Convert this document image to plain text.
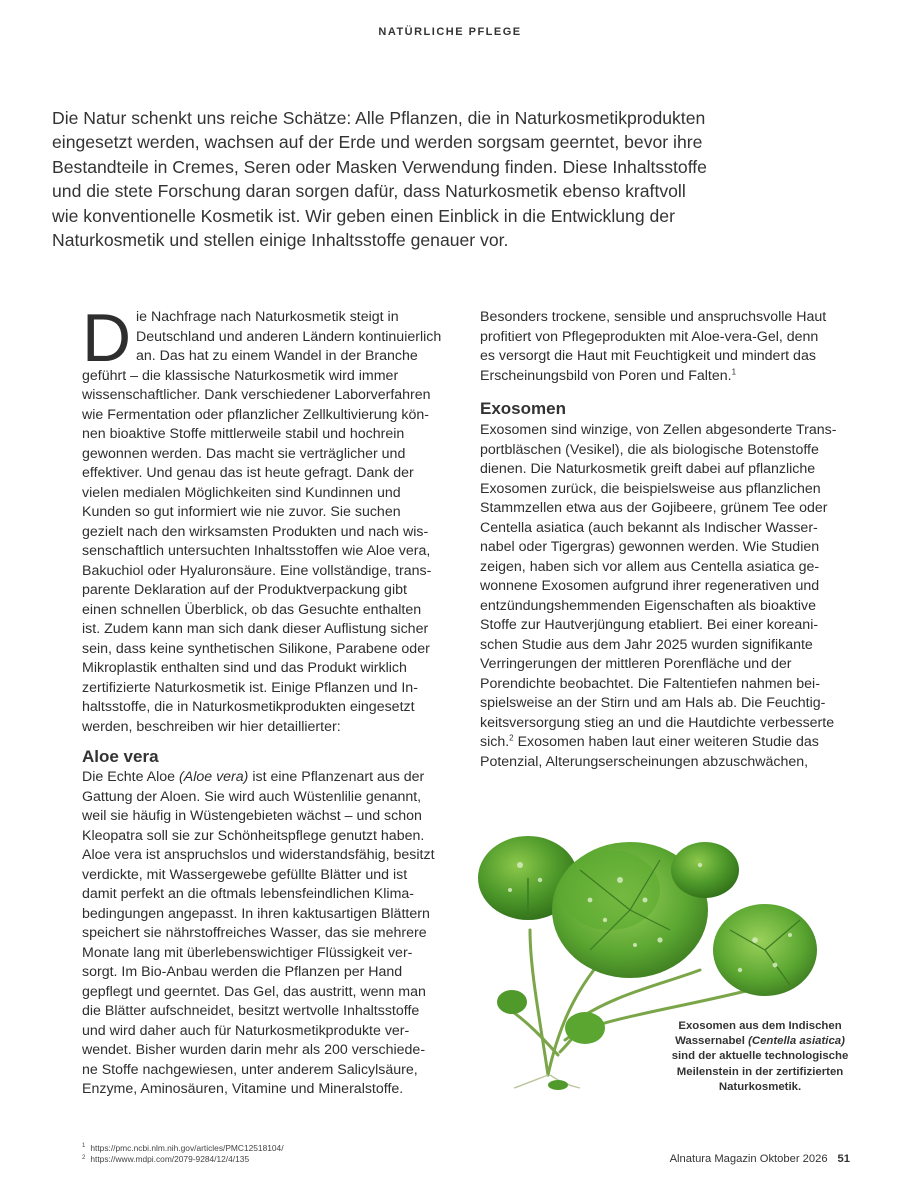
NATÜRLICHE PFLEGE
Die Natur schenkt uns reiche Schätze: Alle Pflanzen, die in Naturkosmetikprodukten
eingesetzt werden, wachsen auf der Erde und werden sorgsam geerntet, bevor ihre
Bestandteile in Cremes, Seren oder Masken Verwendung finden. Diese Inhaltsstoffe
und die stete Forschung daran sorgen dafür, dass Naturkosmetik ebenso kraftvoll
wie konventionelle Kosmetik ist. Wir geben einen Einblick in die Entwicklung der
Naturkosmetik und stellen einige Inhaltsstoffe genauer vor.
D ie Nachfrage nach Naturkosmetik steigt in
Deutschland und anderen Ländern kontinuierlich
an. Das hat zu einem Wandel in der Branche
geführt – die klassische Naturkosmetik wird immer
wissenschaftlicher. Dank verschiedener Laborverfahren
wie Fermentation oder pflanzlicher Zellkultivierung kön-
nen bioaktive Stoffe mittlerweile stabil und hochrein
gewonnen werden. Das macht sie verträglicher und
effektiver. Und genau das ist heute gefragt. Dank der
vielen medialen Möglichkeiten sind Kundinnen und
Kunden so gut informiert wie nie zuvor. Sie suchen
gezielt nach den wirksamsten Produkten und nach wis-
senschaftlich untersuchten Inhaltsstoffen wie Aloe vera,
Bakuchiol oder Hyaluronsäure. Eine vollständige, trans-
parente Deklaration auf der Produktverpackung gibt
einen schnellen Überblick, ob das Gesuchte enthalten
ist. Zudem kann man sich dank dieser Auflistung sicher
sein, dass keine synthetischen Silikone, Parabene oder
Mikroplastik enthalten sind und das Produkt wirklich
zertifizierte Naturkosmetik ist. Einige Pflanzen und In-
haltsstoffe, die in Naturkosmetikprodukten eingesetzt
werden, beschreiben wir hier detaillierter:
Aloe vera
Die Echte Aloe (Aloe vera) ist eine Pflanzenart aus der
Gattung der Aloen. Sie wird auch Wüstenlilie genannt,
weil sie häufig in Wüstengebieten wächst – und schon
Kleopatra soll sie zur Schönheitspflege genutzt haben.
Aloe vera ist anspruchslos und widerstandsfähig, besitzt
verdickte, mit Wassergewebe gefüllte Blätter und ist
damit perfekt an die oftmals lebensfeindlichen Klima-
bedingungen angepasst. In ihren kaktusartigen Blättern
speichert sie nährstoffreiches Wasser, das sie mehrere
Monate lang mit überlebenswichtiger Flüssigkeit ver-
sorgt. Im Bio-Anbau werden die Pflanzen per Hand
gepflegt und geerntet. Das Gel, das austritt, wenn man
die Blätter aufschneidet, besitzt wertvolle Inhaltsstoffe
und wird daher auch für Naturkosmetikprodukte ver-
wendet. Bisher wurden darin mehr als 200 verschiede-
ne Stoffe nachgewiesen, unter anderem Salicylsäure,
Enzyme, Aminosäuren, Vitamine und Mineralstoffe.
Besonders trockene, sensible und anspruchsvolle Haut
profitiert von Pflegeprodukten mit Aloe-vera-Gel, denn
es versorgt die Haut mit Feuchtigkeit und mindert das
Erscheinungsbild von Poren und Falten.$^1$
Exosomen
Exosomen sind winzige, von Zellen abgesonderte Trans-
portbläschen (Vesikel), die als biologische Botenstoffe
dienen. Die Naturkosmetik greift dabei auf pflanzliche
Exosomen zurück, die beispielsweise aus pflanzlichen
Stammzellen etwa aus der Gojibeere, grünem Tee oder
Centella asiatica (auch bekannt als Indischer Wasser-
nabel oder Tigergras) gewonnen werden. Wie Studien
zeigen, haben sich vor allem aus Centella asiatica ge-
wonnene Exosomen aufgrund ihrer regenerativen und
entzündungshemmenden Eigenschaften als bioaktive
Stoffe zur Hautverjüngung etabliert. Bei einer koreani-
schen Studie aus dem Jahr 2025 wurden signifikante
Verringerungen der mittleren Porenfläche und der
Porendichte beobachtet. Die Faltentiefen nahmen bei-
spielsweise an der Stirn und am Hals ab. Die Feuchtig-
keitsversorgung stieg an und die Hautdichte verbesserte
sich.$^2$ Exosomen haben laut einer weiteren Studie das
Potenzial, Alterungserscheinungen abzuschwächen,
Exosomen aus dem Indischen
Wassernabel (Centella asiatica)
sind der aktuelle technologische
Meilenstein in der zertifizierten
Naturkosmetik.
$^1$ https://pmc.ncbi.nlm.nih.gov/articles/PMC12518104/
$^2$ https://www.mdpi.com/2079-9284/12/4/135	Alnatura Magazin Oktober 2026 51
